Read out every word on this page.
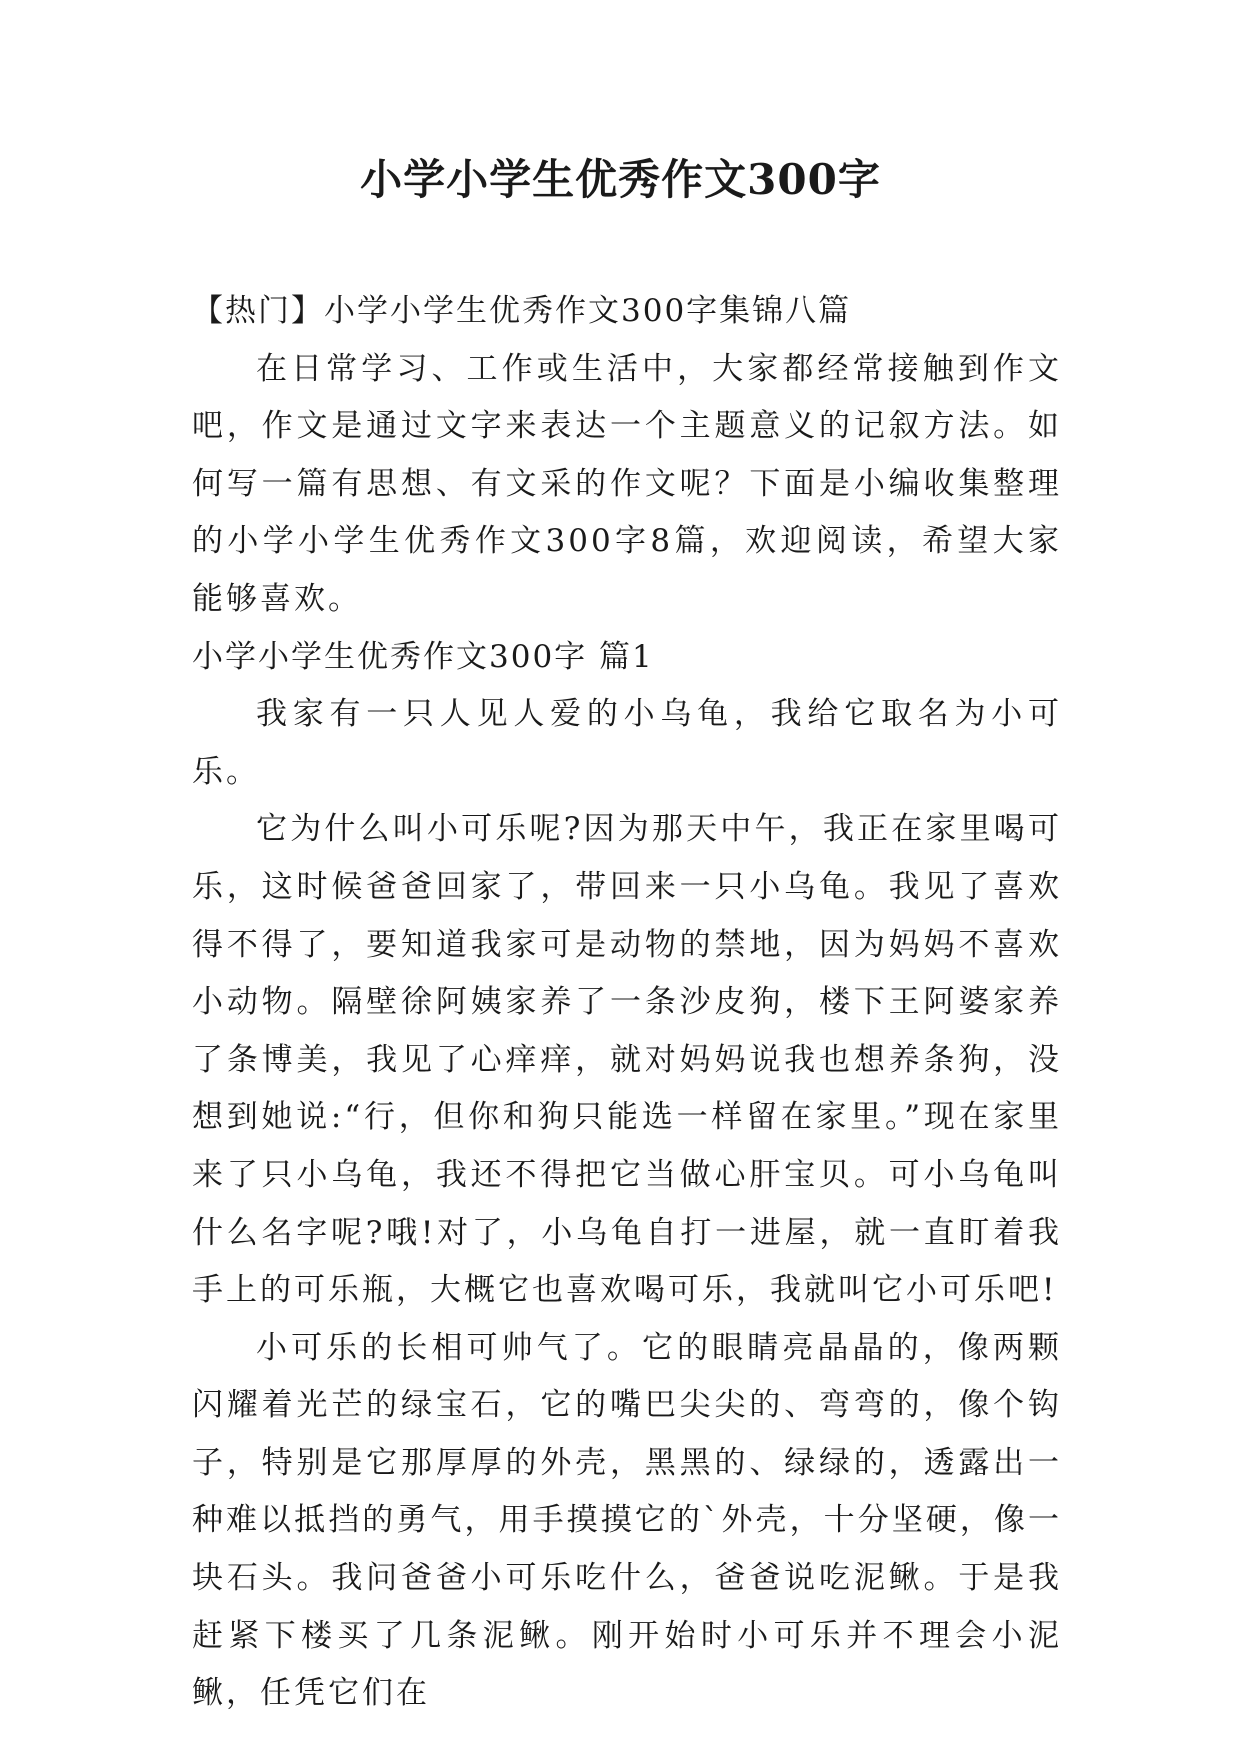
小学小学生优秀作文300字

【热门】小学小学生优秀作文300字集锦八篇

在日常学习、工作或生活中，大家都经常接触到作文吧，作文是通过文字来表达一个主题意义的记叙方法。如何写一篇有思想、有文采的作文呢？下面是小编收集整理的小学小学生优秀作文300字8篇，欢迎阅读，希望大家能够喜欢。

小学小学生优秀作文300字 篇1

我家有一只人见人爱的小乌龟，我给它取名为小可乐。

它为什么叫小可乐呢?因为那天中午，我正在家里喝可乐，这时候爸爸回家了，带回来一只小乌龟。我见了喜欢得不得了，要知道我家可是动物的禁地，因为妈妈不喜欢小动物。隔壁徐阿姨家养了一条沙皮狗，楼下王阿婆家养了条博美，我见了心痒痒，就对妈妈说我也想养条狗，没想到她说:“行，但你和狗只能选一样留在家里。”现在家里来了只小乌龟，我还不得把它当做心肝宝贝。可小乌龟叫什么名字呢?哦!对了，小乌龟自打一进屋，就一直盯着我手上的可乐瓶，大概它也喜欢喝可乐，我就叫它小可乐吧!

小可乐的长相可帅气了。它的眼睛亮晶晶的，像两颗闪耀着光芒的绿宝石，它的嘴巴尖尖的、弯弯的，像个钩子，特别是它那厚厚的外壳，黑黑的、绿绿的，透露出一种难以抵挡的勇气，用手摸摸它的`外壳，十分坚硬，像一块石头。我问爸爸小可乐吃什么，爸爸说吃泥鳅。于是我赶紧下楼买了几条泥鳅。刚开始时小可乐并不理会小泥鳅，任凭它们在
